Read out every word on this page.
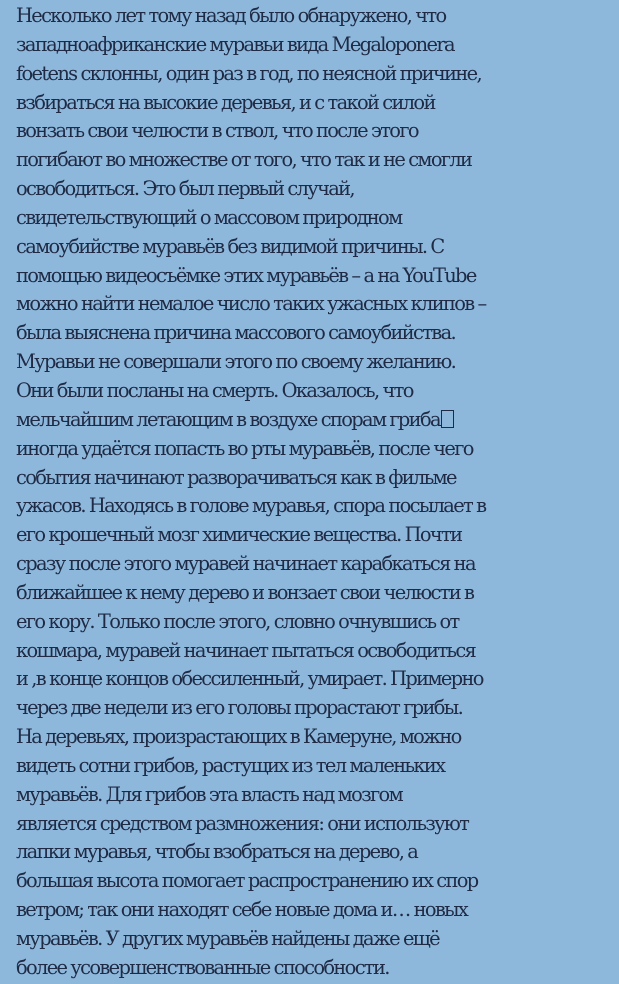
Несколько лет тому назад было обнаружено, что
западноафриканские муравьи вида Megaloponera
foetens склонны, один раз в год, по неясной причине,
взбираться на высокие деревья, и с такой силой
вонзать свои челюсти в ствол, что после этого
погибают во множестве от того, что так и не смогли
освободиться. Это был первый случай,
свидетельствующий о массовом природном
самоубийстве муравьёв без видимой причины. С
помощью видеосъёмке этих муравьёв – а на YouTube
можно найти немалое число таких ужасных клипов –
была выяснена причина массового самоубийства.
Муравьи не совершали этого по своему желанию.
Они были посланы на смерть. Оказалось, что
мельчайшим летающим в воздухе спорам гриба
иногда удаётся попасть во рты муравьёв, после чего
события начинают разворачиваться как в фильме
ужасов. Находясь в голове муравья, спора посылает в
его крошечный мозг химические вещества. Почти
сразу после этого муравей начинает карабкаться на
ближайшее к нему дерево и вонзает свои челюсти в
его кору. Только после этого, словно очнувшись от
кошмара, муравей начинает пытаться освободиться
и ,в конце концов обессиленный, умирает. Примерно
через две недели из его головы прорастают грибы.
На деревьях, произрастающих в Камеруне, можно
видеть сотни грибов, растущих из тел маленьких
муравьёв. Для грибов эта власть над мозгом
является средством размножения: они используют
лапки муравья, чтобы взобраться на дерево, а
большая высота помогает распространению их спор
ветром; так они находят себе новые дома и… новых
муравьёв. У других муравьёв найдены даже ещё
более усовершенствованные способности.
